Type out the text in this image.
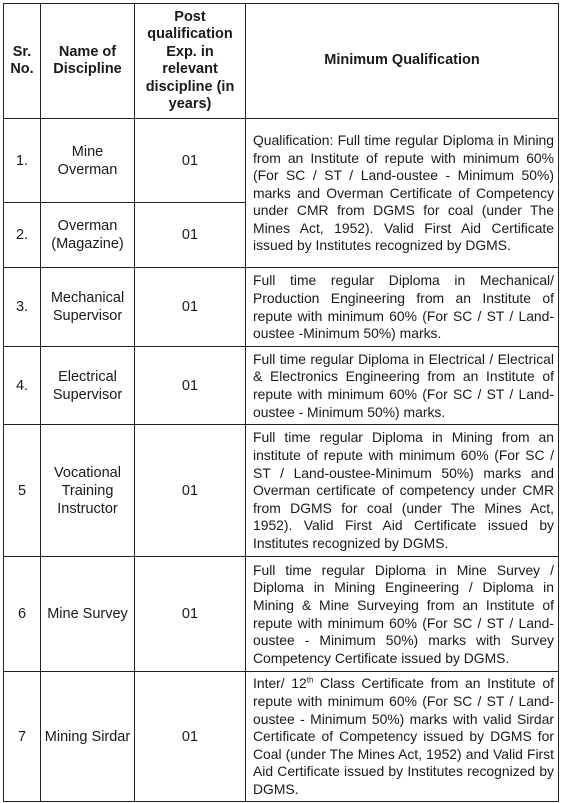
Sr. No.	Name of Discipline	Post qualification Exp. in relevant discipline (in years)	Minimum Qualification

1.	Mine Overman	01	Qualification: Full time regular Diploma in Mining from an Institute of repute with minimum 60% (For SC / ST / Land-oustee - Minimum 50%) marks and Overman Certificate of Competency under CMR from DGMS for coal (under The Mines Act, 1952). Valid First Aid Certificate issued by Institutes recognized by DGMS.
2.	Overman (Magazine)	01	
3.	Mechanical Supervisor	01	Full time regular Diploma in Mechanical/ Production Engineering from an Institute of repute with minimum 60% (For SC / ST / Land-oustee -Minimum 50%) marks.
4.	Electrical Supervisor	01	Full time regular Diploma in Electrical / Electrical & Electronics Engineering from an Institute of repute with minimum 60% (For SC / ST / Land-oustee - Minimum 50%) marks.
5	Vocational Training Instructor	01	Full time regular Diploma in Mining from an institute of repute with minimum 60% (For SC / ST / Land-oustee-Minimum 50%) marks and Overman certificate of competency under CMR from DGMS for coal (under The Mines Act, 1952). Valid First Aid Certificate issued by Institutes recognized by DGMS.
6	Mine Survey	01	Full time regular Diploma in Mine Survey / Diploma in Mining Engineering / Diploma in Mining & Mine Surveying from an Institute of repute with minimum 60% (For SC / ST / Land-oustee - Minimum 50%) marks with Survey Competency Certificate issued by DGMS.
7	Mining Sirdar	01	Inter/ 12th Class Certificate from an Institute of repute with minimum 60% (For SC / ST / Land-oustee - Minimum 50%) marks with valid Sirdar Certificate of Competency issued by DGMS for Coal (under The Mines Act, 1952) and Valid First Aid Certificate issued by Institutes recognized by DGMS.
